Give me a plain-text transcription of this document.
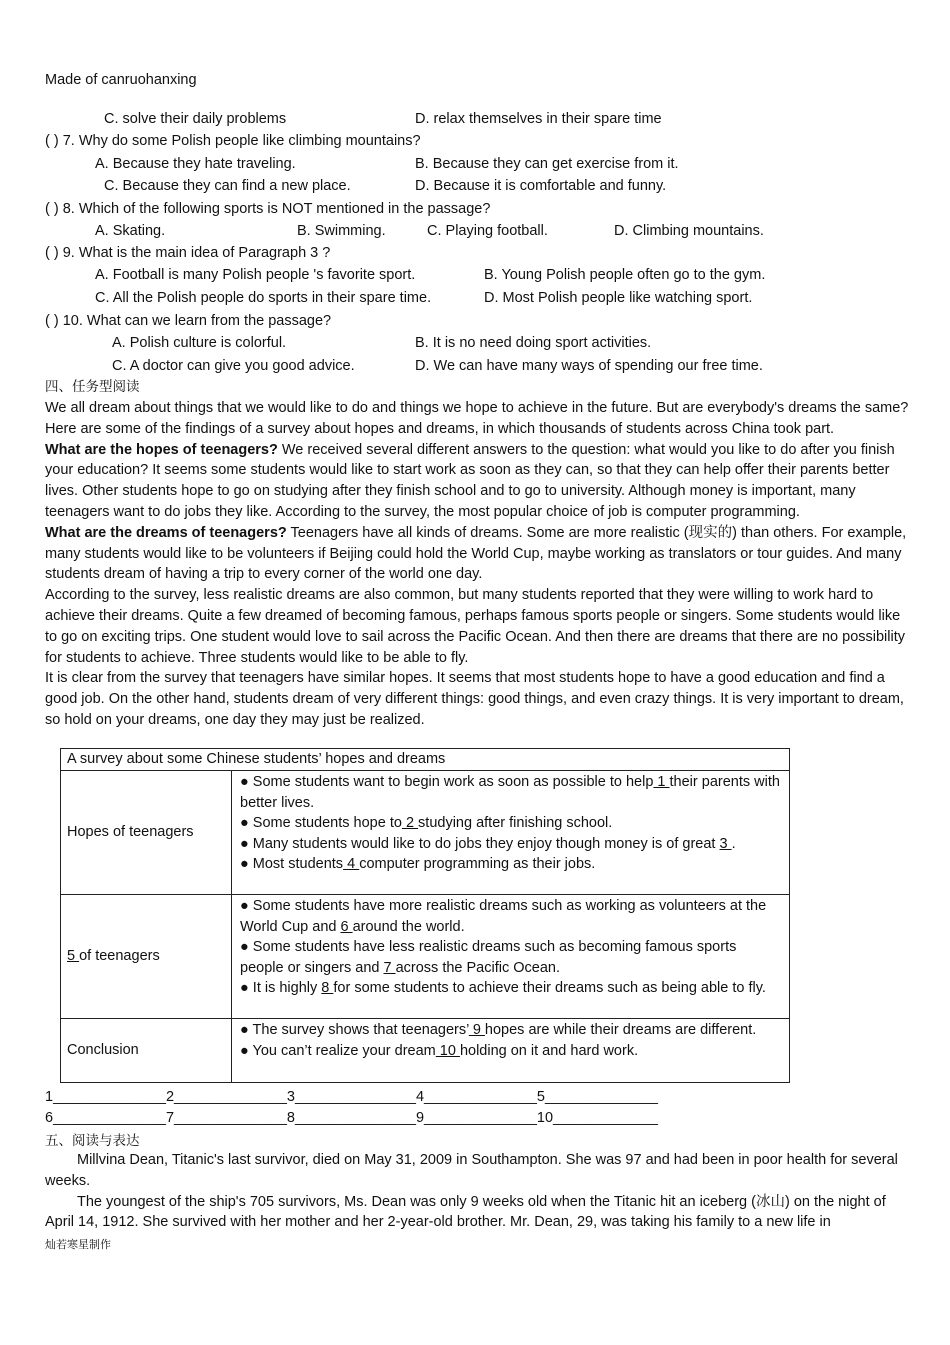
Made of canruohanxing
C. solve their daily problems	D. relax themselves in their spare time
( ) 7. Why do some Polish people like climbing mountains?
A. Because they hate traveling.	B. Because they can get exercise from it.
C. Because they can find a new place.	D. Because it is comfortable and funny.
( ) 8. Which of the following sports is NOT mentioned in the passage?
A. Skating.	B. Swimming.	C. Playing football.	D. Climbing mountains.
( ) 9. What is the main idea of Paragraph 3 ?
A. Football is many Polish people 's favorite sport.	B. Young Polish people often go to the gym.
C. All the Polish people do sports in their spare time.	D. Most Polish people like watching sport.
( ) 10. What can we learn from the passage?
A. Polish culture is colorful.	B. It is no need doing sport activities.
C. A doctor can give you good advice.	D. We can have many ways of spending our free time.
四、任务型阅读

We all dream about things that we would like to do and things we hope to achieve in the future. But are everybody's dreams the same? Here are some of the findings of a survey about hopes and dreams, in which thousands of students across China took part.

What are the hopes of teenagers? We received several different answers to the question: what would you like to do after you finish your education? It seems some students would like to start work as soon as they can, so that they can help offer their parents better lives. Other students hope to go on studying after they finish school and to go to university. Although money is important, many teenagers want to do jobs they like. According to the survey, the most popular choice of job is computer programming.

What are the dreams of teenagers? Teenagers have all kinds of dreams. Some are more realistic (现实的) than others. For example, many students would like to be volunteers if Beijing could hold the World Cup, maybe working as translators or tour guides. And many students dream of having a trip to every corner of the world one day.

According to the survey, less realistic dreams are also common, but many students reported that they were willing to work hard to achieve their dreams. Quite a few dreamed of becoming famous, perhaps famous sports people or singers. Some students would like to go on exciting trips. One student would love to sail across the Pacific Ocean. And then there are dreams that there are no possibility for students to achieve. Three students would like to be able to fly.

It is clear from the survey that teenagers have similar hopes. It seems that most students hope to have a good education and find a good job. On the other hand, students dream of very different things: good things, and even crazy things. It is very important to dream, so hold on your dreams, one day they may just be realized.

A survey about some Chinese students’ hopes and dreams	
Hopes of teenagers	● Some students want to begin work as soon as possible to help 1 their parents with better lives.
● Some students hope to 2 studying after finishing school.
● Many students would like to do jobs they enjoy though money is of great 3 .
● Most students 4 computer programming as their jobs.

5 of teenagers	● Some students have more realistic dreams such as working as volunteers at the World Cup and 6 around the world.
● Some students have less realistic dreams such as becoming famous sports people or singers and 7 across the Pacific Ocean.
● It is highly 8 for some students to achieve their dreams such as being able to fly.

Conclusion	● The survey shows that teenagers’ 9 hopes are while their dreams are different.
● You can’t realize your dream 10 holding on it and hard work.
1______________2______________3_______________4______________5______________
6______________7______________8_______________9______________10_____________
五、阅读与表达

Millvina Dean, Titanic's last survivor, died on May 31, 2009 in Southampton. She was 97 and had been in poor health for several weeks.

The youngest of the ship's 705 survivors, Ms. Dean was only 9 weeks old when the Titanic hit an iceberg (冰山) on the night of April 14, 1912. She survived with her mother and her 2-year-old brother. Mr. Dean, 29, was taking his family to a new life in

灿若寒星制作
